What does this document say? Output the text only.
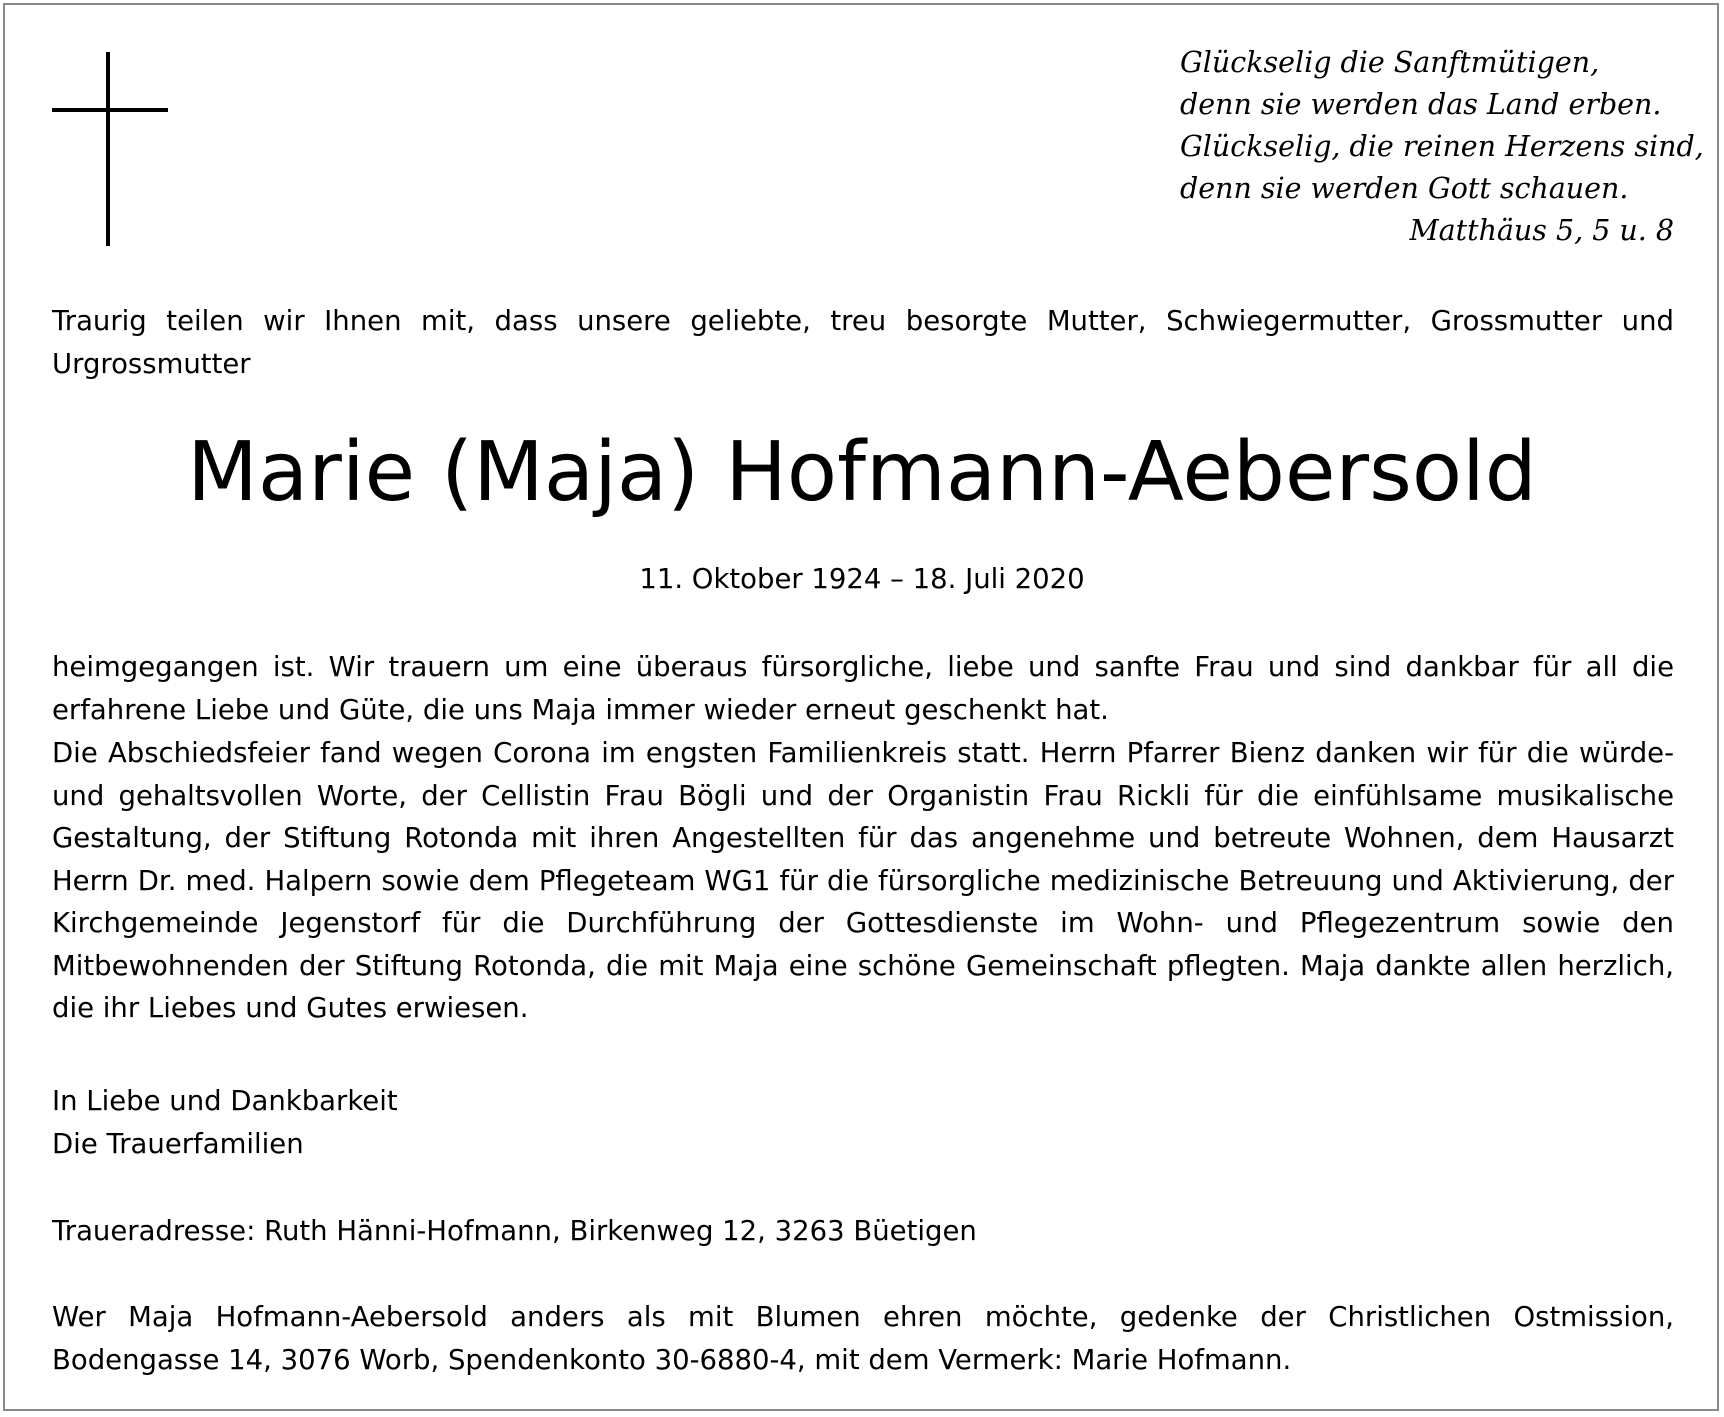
Glückselig die Sanftmütigen,
denn sie werden das Land erben.
Glückselig, die reinen Herzens sind,
denn sie werden Gott schauen.
Matthäus 5, 5 u. 8
Traurig teilen wir Ihnen mit, dass unsere geliebte, treu besorgte Mutter, Schwiegermutter, Grossmutter und Urgrossmutter
Marie (Maja) Hofmann-Aebersold
11. Oktober 1924 – 18. Juli 2020
heimgegangen ist. Wir trauern um eine überaus fürsorgliche, liebe und sanfte Frau und sind dankbar für all die erfahrene Liebe und Güte, die uns Maja immer wieder erneut geschenkt hat.
Die Abschiedsfeier fand wegen Corona im engsten Familienkreis statt. Herrn Pfarrer Bienz danken wir für die würde- und gehaltsvollen Worte, der Cellistin Frau Bögli und der Organistin Frau Rickli für die einfühlsame musikalische Gestaltung, der Stiftung Rotonda mit ihren Angestellten für das angenehme und betreute Wohnen, dem Hausarzt Herrn Dr. med. Halpern sowie dem Pflegeteam WG1 für die fürsorgliche medizinische Betreuung und Aktivierung, der Kirchgemeinde Jegenstorf für die Durchführung der Gottesdienste im Wohn- und Pflegezentrum sowie den Mitbewohnenden der Stiftung Rotonda, die mit Maja eine schöne Gemeinschaft pflegten. Maja dankte allen herzlich, die ihr Liebes und Gutes erwiesen.
In Liebe und Dankbarkeit
Die Trauerfamilien
Traueradresse: Ruth Hänni-Hofmann, Birkenweg 12, 3263 Büetigen
Wer Maja Hofmann-Aebersold anders als mit Blumen ehren möchte, gedenke der Christlichen Ostmission, Bodengasse 14, 3076 Worb, Spendenkonto 30-6880-4, mit dem Vermerk: Marie Hofmann.
